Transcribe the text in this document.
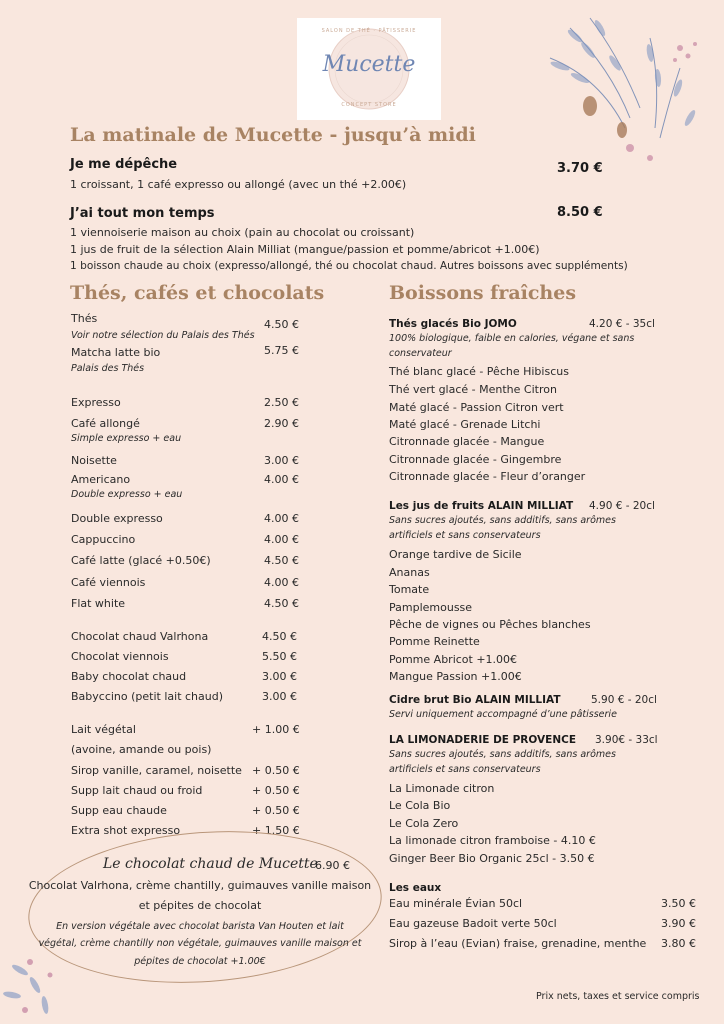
SALON DE THÉ · PÂTISSERIE
Mucette
CONCEPT STORE
La matinale de Mucette - jusqu’à midi
Je me dépêche	3.70 €
1 croissant, 1 café expresso ou allongé (avec un thé +2.00€)
J’ai tout mon temps	8.50 €
1 viennoiserie maison au choix (pain au chocolat ou croissant)
1 jus de fruit de la sélection Alain Milliat (mangue/passion et pomme/abricot +1.00€)
1 boisson chaude au choix (expresso/allongé, thé ou chocolat chaud. Autres boissons avec suppléments)
Thés, cafés et chocolats
Thés	4.50 €
Voir notre sélection du Palais des Thés
Matcha latte bio	5.75 €
Palais des Thés
Expresso	2.50 €
Café allongé	2.90 €
Simple expresso + eau
Noisette	3.00 €
Americano	4.00 €
Double expresso + eau
Double expresso	4.00 €
Cappuccino	4.00 €
Café latte (glacé +0.50€)	4.50 €
Café viennois	4.00 €
Flat white	4.50 €
Chocolat chaud Valrhona	4.50 €
Chocolat viennois	5.50 €
Baby chocolat chaud	3.00 €
Babyccino (petit lait chaud)	3.00 €
Lait végétal	+ 1.00 €
(avoine, amande ou pois)
Sirop vanille, caramel, noisette + 0.50 €
Supp lait chaud ou froid	+ 0.50 €
Supp eau chaude	+ 0.50 €
Extra shot expresso	+ 1.50 €
Le chocolat chaud de Mucette
6.90 €
Chocolat Valrhona, crème chantilly, guimauves vanille maison
et pépites de chocolat
En version végétale avec chocolat barista Van Houten et lait
végétal, crème chantilly non végétale, guimauves vanille maison et
pépites de chocolat +1.00€
Boissons fraîches
Thés glacés Bio JOMO	4.20 € - 35cl
100% biologique, faible en calories, végane et sans
conservateur
Thé blanc glacé - Pêche Hibiscus
Thé vert glacé - Menthe Citron
Maté glacé - Passion Citron vert
Maté glacé - Grenade Litchi
Citronnade glacée - Mangue
Citronnade glacée - Gingembre
Citronnade glacée - Fleur d’oranger
Les jus de fruits ALAIN MILLIAT 4.90 € - 20cl
Sans sucres ajoutés, sans additifs, sans arômes
artificiels et sans conservateurs
Orange tardive de Sicile
Ananas
Tomate
Pamplemousse
Pêche de vignes ou Pêches blanches
Pomme Reinette
Pomme Abricot +1.00€
Mangue Passion +1.00€
Cidre brut Bio ALAIN MILLIAT	5.90 € - 20cl
Servi uniquement accompagné d’une pâtisserie
LA LIMONADERIE DE PROVENCE 3.90€ - 33cl
Sans sucres ajoutés, sans additifs, sans arômes
artificiels et sans conservateurs
La Limonade citron
Le Cola Bio
Le Cola Zero
La limonade citron framboise - 4.10 €
Ginger Beer Bio Organic 25cl - 3.50 €
Les eaux
Eau minérale Évian 50cl	3.50 €
Eau gazeuse Badoit verte 50cl	3.90 €
Sirop à l’eau (Evian) fraise, grenadine, menthe 3.80 €
Prix nets, taxes et service compris
